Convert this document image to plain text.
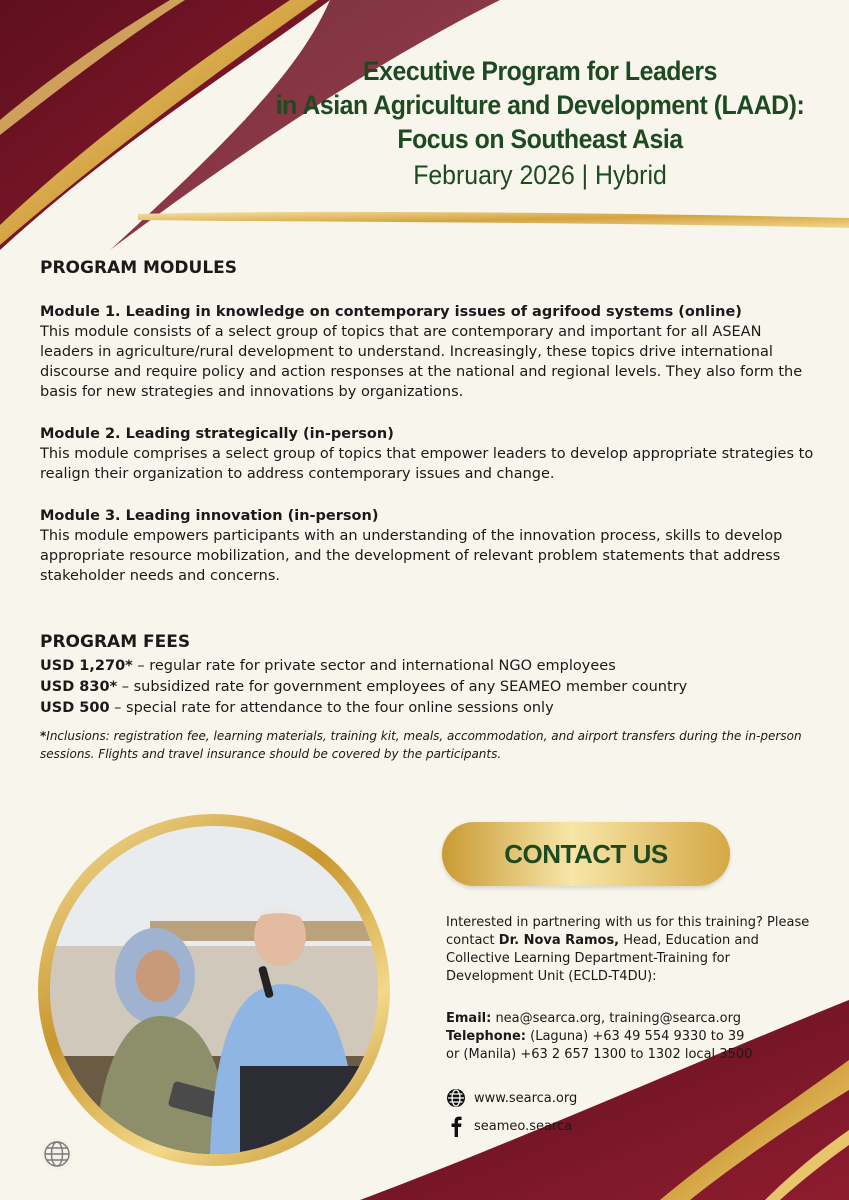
Executive Program for Leaders
in Asian Agriculture and Development (LAAD):
Focus on Southeast Asia
February 2026 | Hybrid
PROGRAM MODULES
Module 1. Leading in knowledge on contemporary issues of agrifood systems (online)
This module consists of a select group of topics that are contemporary and important for all ASEAN leaders in agriculture/rural development to understand. Increasingly, these topics drive international discourse and require policy and action responses at the national and regional levels. They also form the basis for new strategies and innovations by organizations.
Module 2. Leading strategically (in-person)
This module comprises a select group of topics that empower leaders to develop appropriate strategies to realign their organization to address contemporary issues and change.
Module 3. Leading innovation (in-person)
This module empowers participants with an understanding of the innovation process, skills to develop appropriate resource mobilization, and the development of relevant problem statements that address stakeholder needs and concerns.
PROGRAM FEES
USD 1,270* – regular rate for private sector and international NGO employees
USD 830* – subsidized rate for government employees of any SEAMEO member country
USD 500 – special rate for attendance to the four online sessions only
*Inclusions: registration fee, learning materials, training kit, meals, accommodation, and airport transfers during the in-person sessions. Flights and travel insurance should be covered by the participants.
CONTACT US
Interested in partnering with us for this training? Please contact Dr. Nova Ramos, Head, Education and Collective Learning Department-Training for Development Unit (ECLD-T4DU):
Email: nea@searca.org, training@searca.org
Telephone: (Laguna) +63 49 554 9330 to 39
or (Manila) +63 2 657 1300 to 1302 local 3500
www.searca.org
seameo.searca
